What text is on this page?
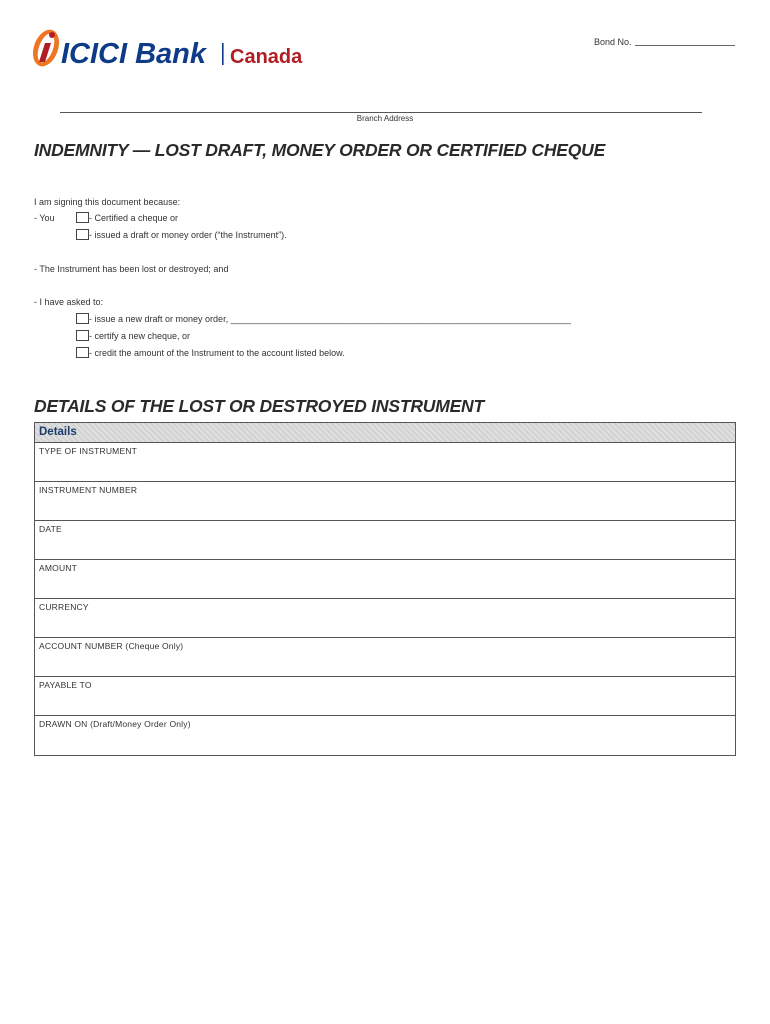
ICICI Bank Canada
Bond No.
Branch Address
INDEMNITY — LOST DRAFT, MONEY ORDER OR CERTIFIED CHEQUE
I am signing this document because:
- You	- Certified a cheque or
- issued a draft or money order (“the Instrument”).
- The Instrument has been lost or destroyed; and
- I have asked to:
- issue a new draft or money order, ____________________________________________________________________
- certify a new cheque, or
- credit the amount of the Instrument to the account listed below.
DETAILS OF THE LOST OR DESTROYED INSTRUMENT
Details
TYPE OF INSTRUMENT
INSTRUMENT NUMBER
DATE
AMOUNT
CURRENCY
ACCOUNT NUMBER (Cheque Only)
PAYABLE TO
DRAWN ON (Draft/Money Order Only)
